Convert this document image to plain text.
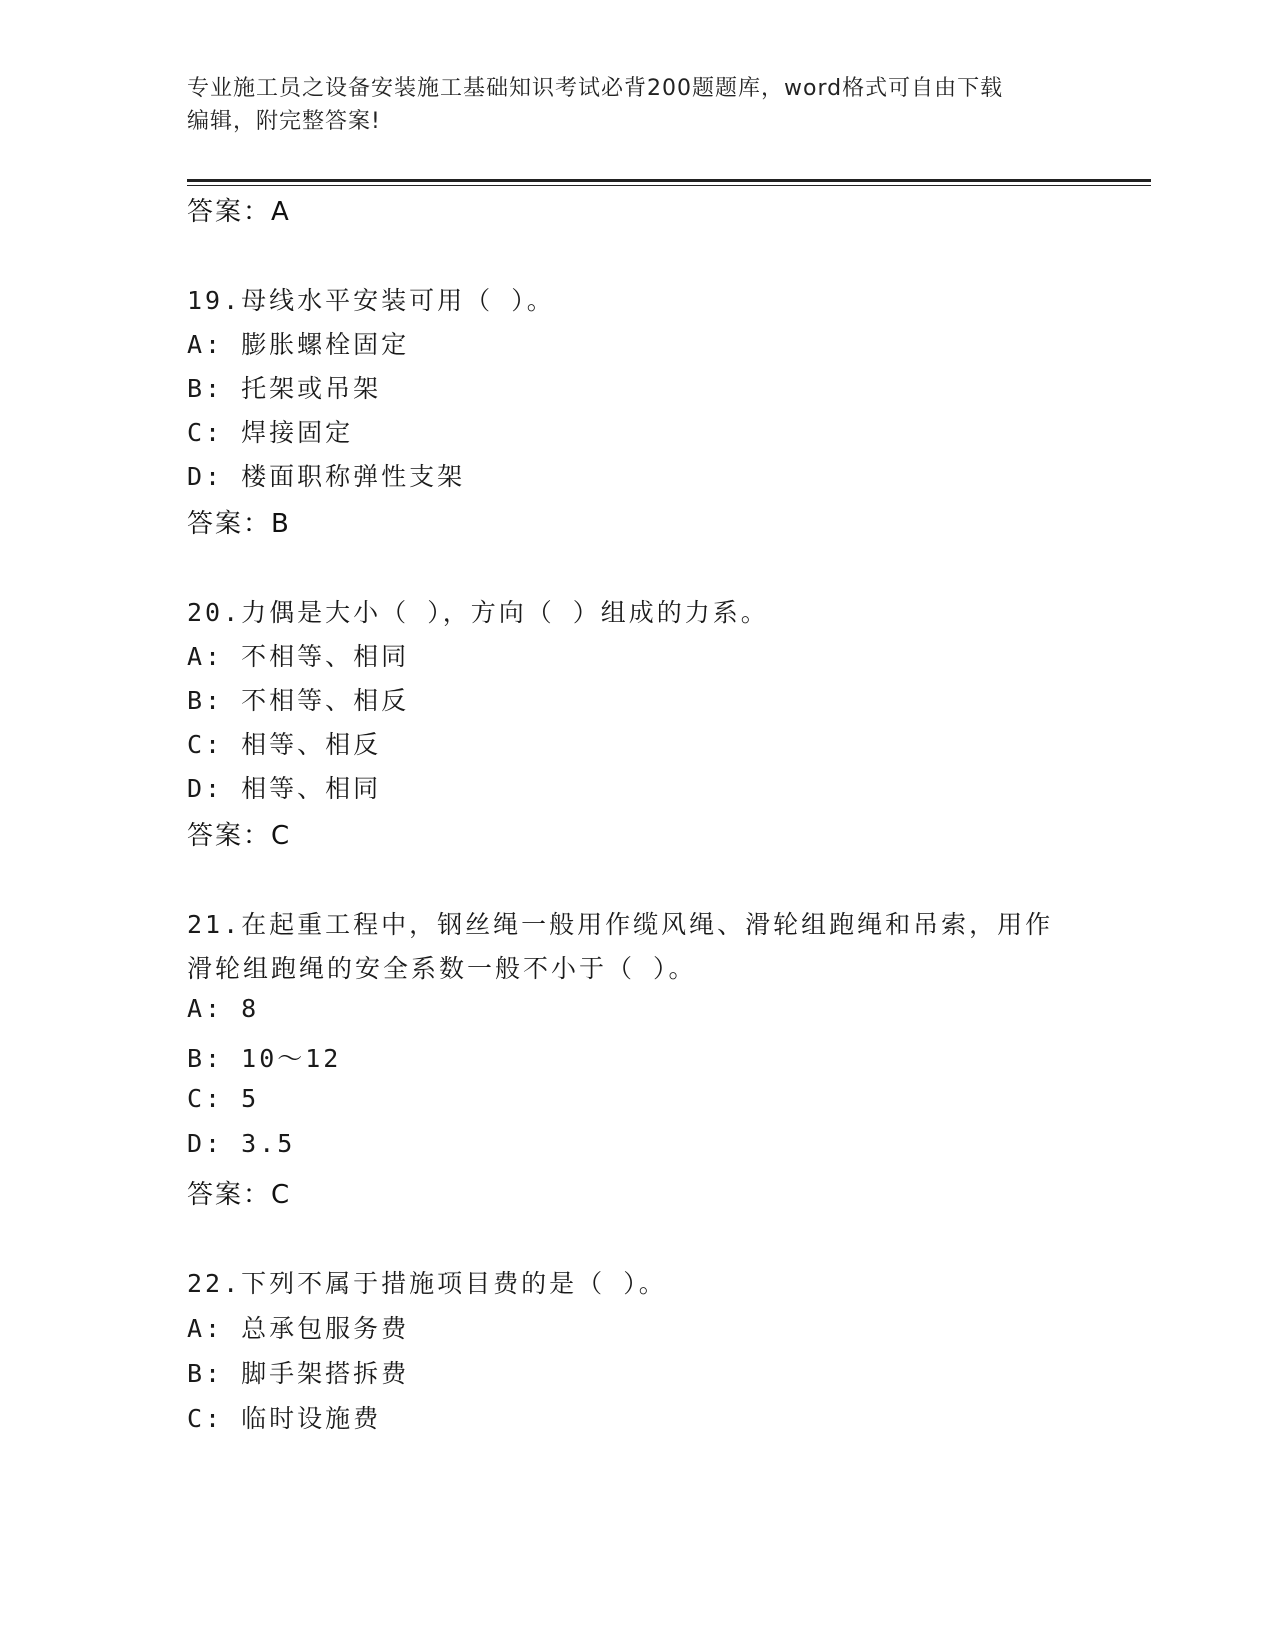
专业施工员之设备安装施工基础知识考试必背200题题库，word格式可自由下载
编辑，附完整答案!
答案：A
19.母线水平安装可用（ ）。
A: 膨胀螺栓固定
B: 托架或吊架
C: 焊接固定
D: 楼面职称弹性支架
答案：B
20.力偶是大小（ ），方向（ ）组成的力系。
A: 不相等、相同
B: 不相等、相反
C: 相等、相反
D: 相等、相同
答案：C
21.在起重工程中，钢丝绳一般用作缆风绳、滑轮组跑绳和吊索，用作
滑轮组跑绳的安全系数一般不小于（ ）。
A: 8
B: 10～12
C: 5
D: 3.5
答案：C
22.下列不属于措施项目费的是（ ）。
A: 总承包服务费
B: 脚手架搭拆费
C: 临时设施费
